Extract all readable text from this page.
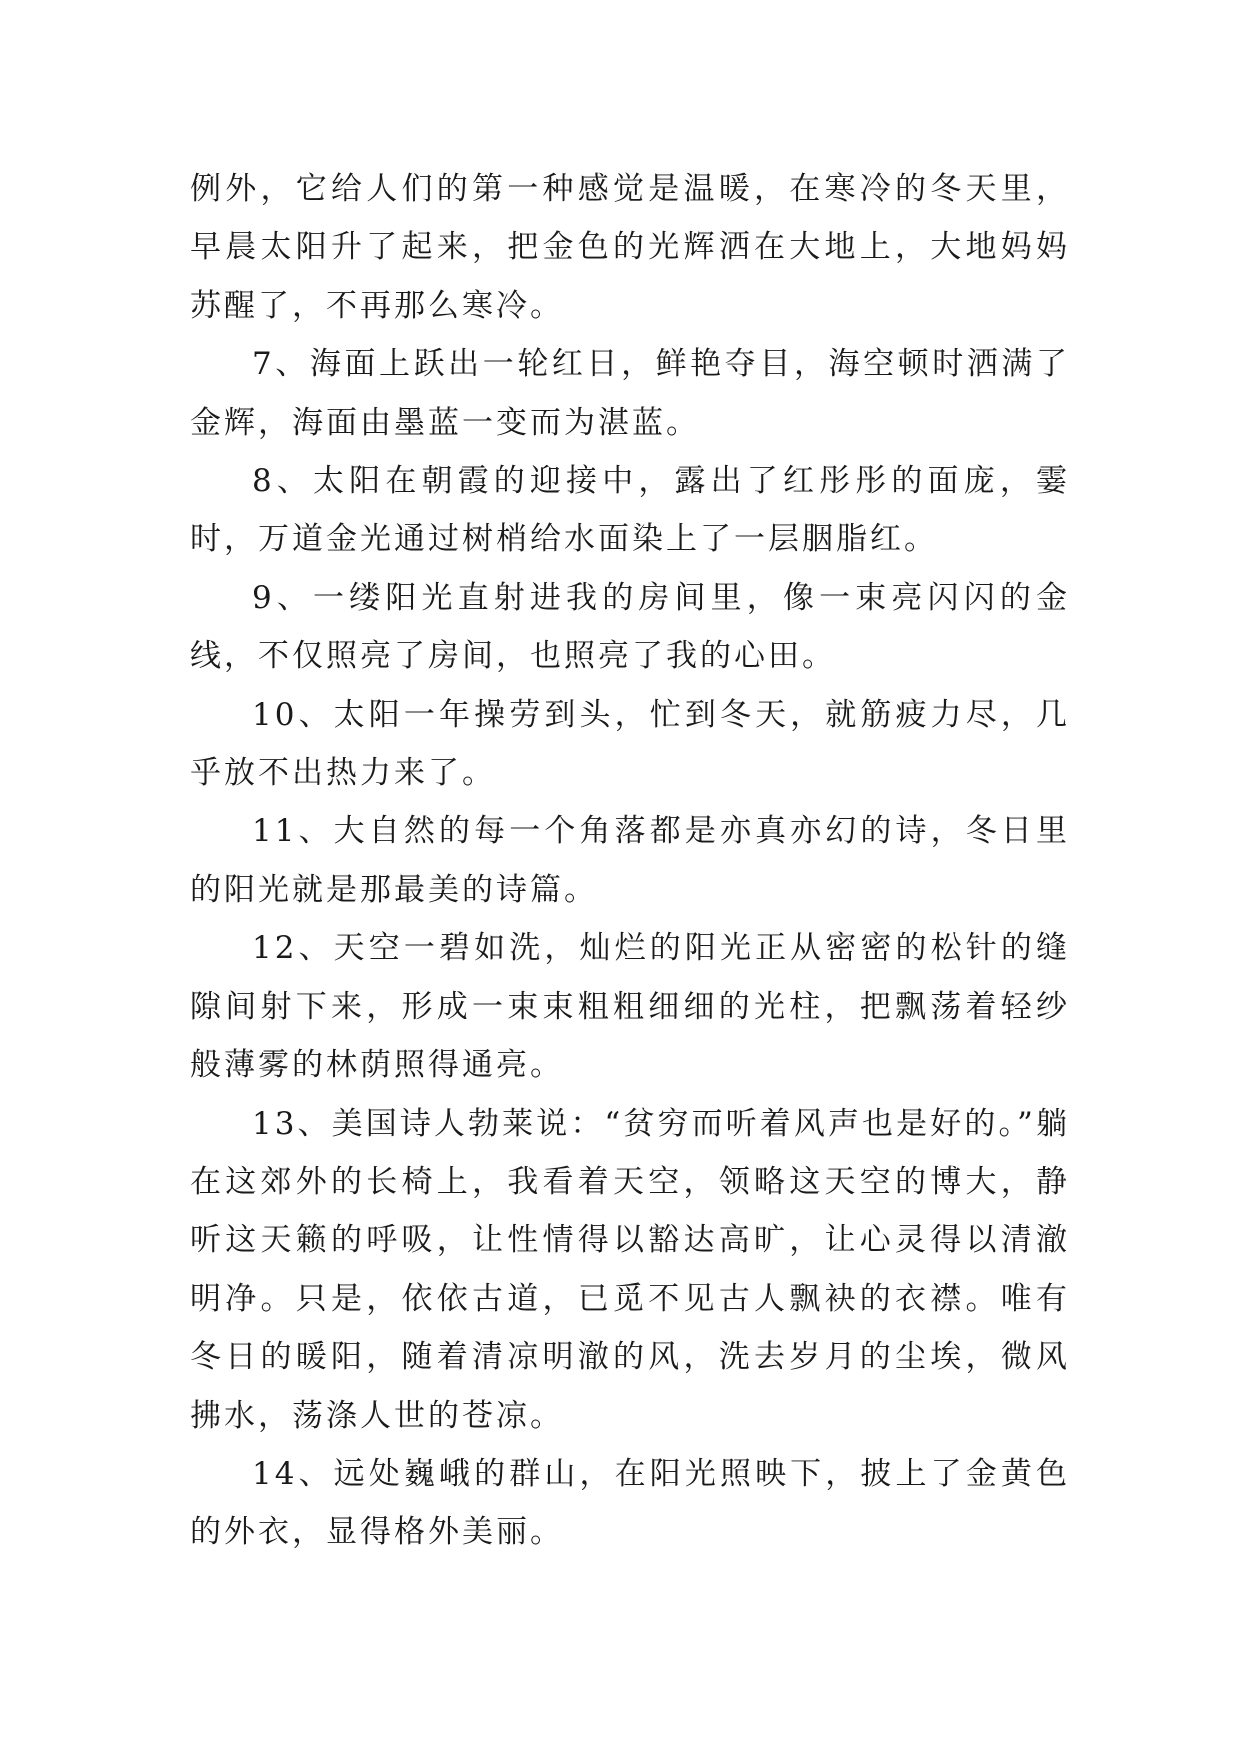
例外，它给人们的第一种感觉是温暖，在寒冷的冬天里，早晨太阳升了起来，把金色的光辉洒在大地上，大地妈妈苏醒了，不再那么寒冷。

7、海面上跃出一轮红日，鲜艳夺目，海空顿时洒满了金辉，海面由墨蓝一变而为湛蓝。

8、太阳在朝霞的迎接中，露出了红彤彤的面庞，霎时，万道金光通过树梢给水面染上了一层胭脂红。

9、一缕阳光直射进我的房间里，像一束亮闪闪的金线，不仅照亮了房间，也照亮了我的心田。

10、太阳一年操劳到头，忙到冬天，就筋疲力尽，几乎放不出热力来了。

11、大自然的每一个角落都是亦真亦幻的诗，冬日里的阳光就是那最美的诗篇。

12、天空一碧如洗，灿烂的阳光正从密密的松针的缝隙间射下来，形成一束束粗粗细细的光柱，把飘荡着轻纱般薄雾的林荫照得通亮。

13、美国诗人勃莱说：“贫穷而听着风声也是好的。”躺在这郊外的长椅上，我看着天空，领略这天空的博大，静听这天籁的呼吸，让性情得以豁达高旷，让心灵得以清澈明净。只是，依依古道，已觅不见古人飘袂的衣襟。唯有冬日的暖阳，随着清凉明澈的风，洗去岁月的尘埃，微风拂水，荡涤人世的苍凉。

14、远处巍峨的群山，在阳光照映下，披上了金黄色的外衣，显得格外美丽。
